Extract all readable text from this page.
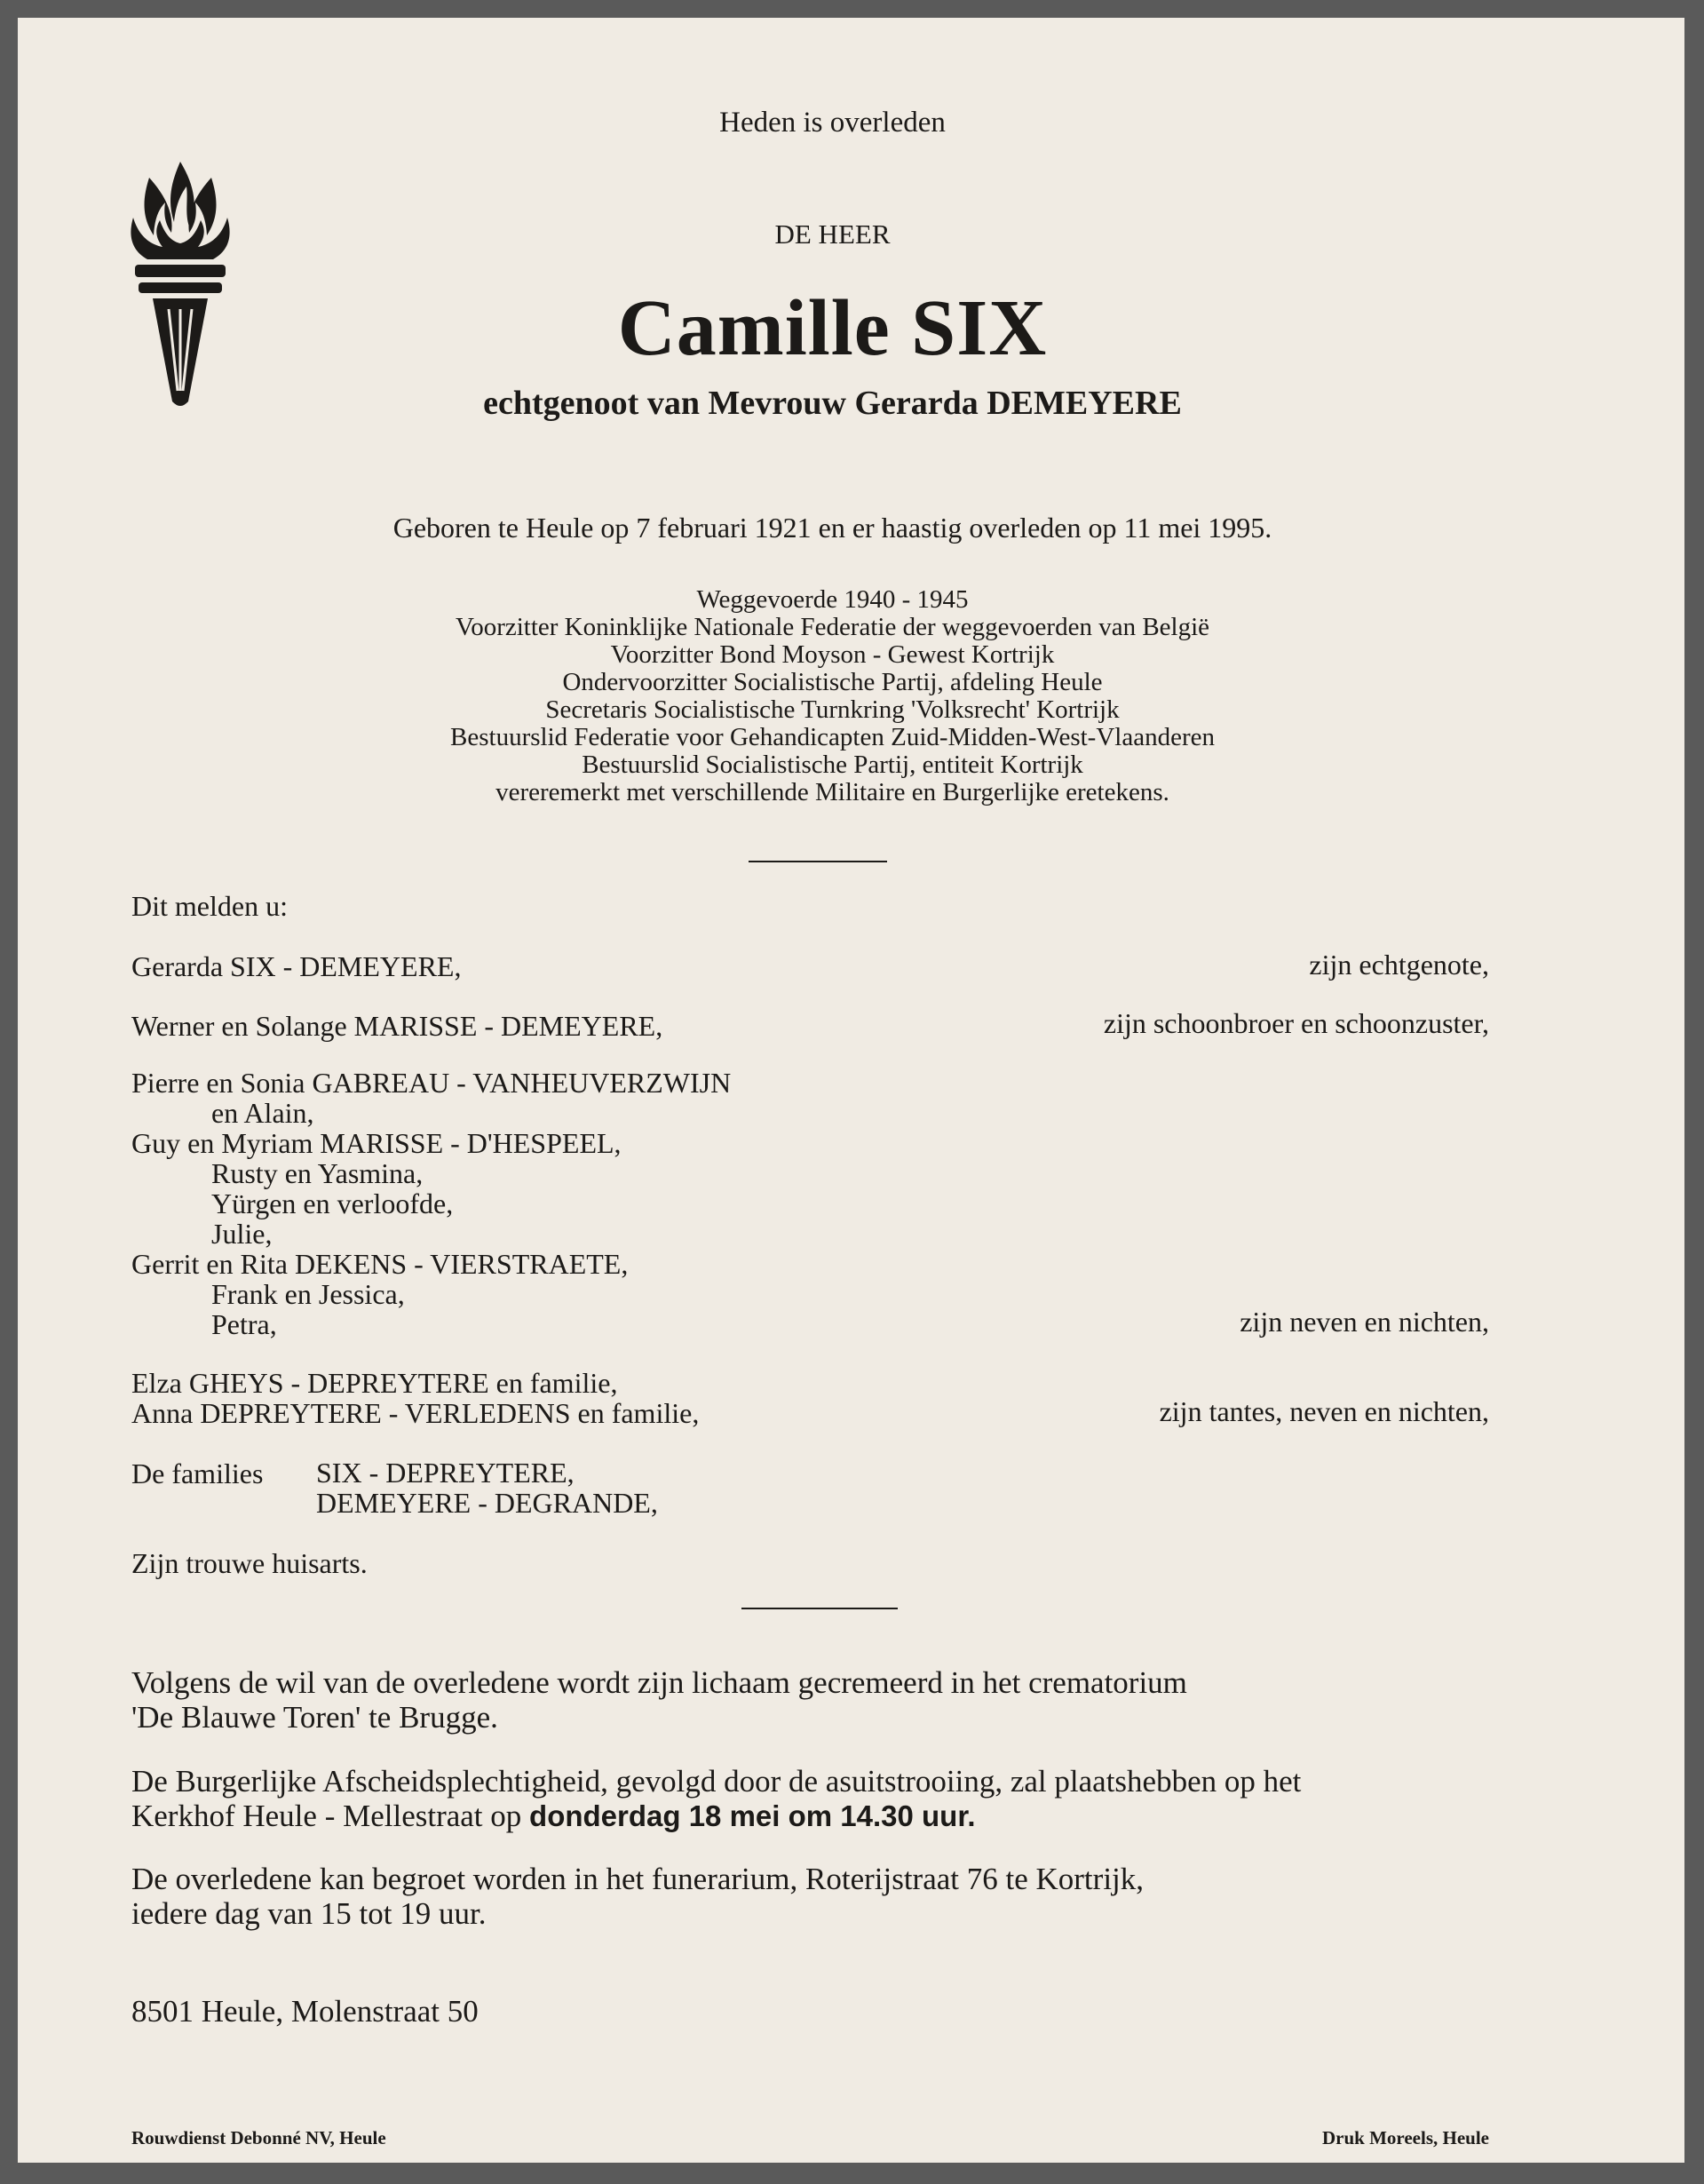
Heden is overleden
DE HEER
Camille SIX
echtgenoot van Mevrouw Gerarda DEMEYERE
Geboren te Heule op 7 februari 1921 en er haastig overleden op 11 mei 1995.
Weggevoerde 1940 - 1945
Voorzitter Koninklijke Nationale Federatie der weggevoerden van België
Voorzitter Bond Moyson - Gewest Kortrijk
Ondervoorzitter Socialistische Partij, afdeling Heule
Secretaris Socialistische Turnkring 'Volksrecht' Kortrijk
Bestuurslid Federatie voor Gehandicapten Zuid-Midden-West-Vlaanderen
Bestuurslid Socialistische Partij, entiteit Kortrijk
vereremerkt met verschillende Militaire en Burgerlijke eretekens.
Dit melden u:
Gerarda SIX - DEMEYERE,	zijn echtgenote,
Werner en Solange MARISSE - DEMEYERE,	zijn schoonbroer en schoonzuster,
Pierre en Sonia GABREAU - VANHEUVERZWIJN
en Alain,
Guy en Myriam MARISSE - D'HESPEEL,
Rusty en Yasmina,
Yürgen en verloofde,
Julie,
Gerrit en Rita DEKENS - VIERSTRAETE,
Frank en Jessica,
Petra,	zijn neven en nichten,
Elza GHEYS - DEPREYTERE en familie,
Anna DEPREYTERE - VERLEDENS en familie,	zijn tantes, neven en nichten,
De families SIX - DEPREYTERE,
DEMEYERE - DEGRANDE,
Zijn trouwe huisarts.
Volgens de wil van de overledene wordt zijn lichaam gecremeerd in het crematorium
'De Blauwe Toren' te Brugge.
De Burgerlijke Afscheidsplechtigheid, gevolgd door de asuitstrooiing, zal plaatshebben op het
Kerkhof Heule - Mellestraat op donderdag 18 mei om 14.30 uur.
De overledene kan begroet worden in het funerarium, Roterijstraat 76 te Kortrijk,
iedere dag van 15 tot 19 uur.
8501 Heule, Molenstraat 50
Rouwdienst Debonné NV, Heule	Druk Moreels, Heule
